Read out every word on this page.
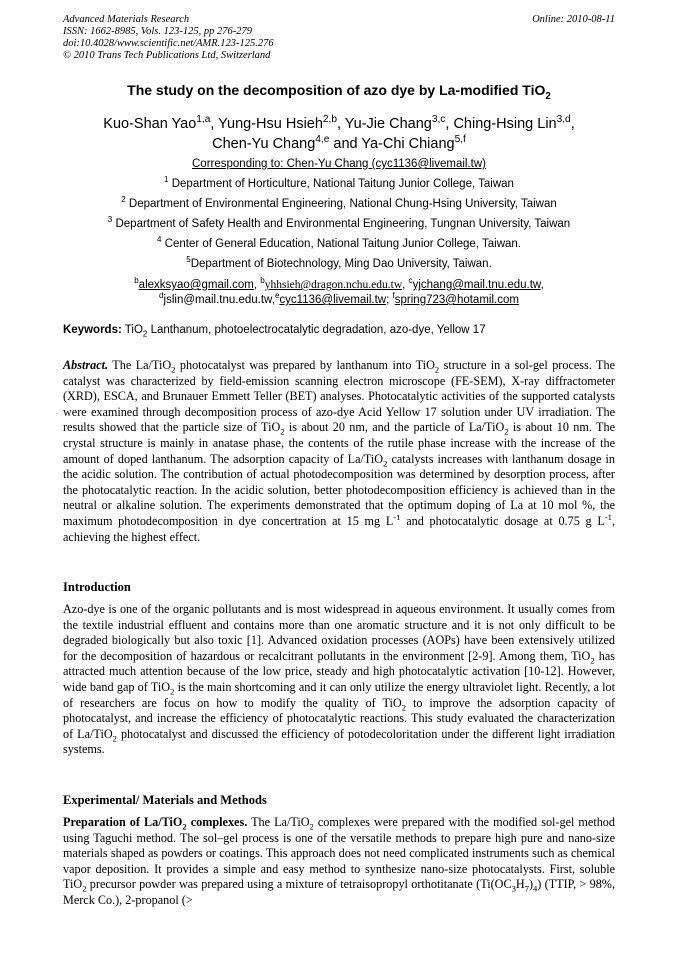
Advanced Materials Research
ISSN: 1662-8985, Vols. 123-125, pp 276-279
doi:10.4028/www.scientific.net/AMR.123-125.276
© 2010 Trans Tech Publications Ltd, Switzerland
Online: 2010-08-11
The study on the decomposition of azo dye by La-modified TiO$_2$
Kuo-Shan Yao$^{1,a}$, Yung-Hsu Hsieh$^{2,b}$, Yu-Jie Chang$^{3,c}$, Ching-Hsing Lin$^{3,d}$,
Chen-Yu Chang$^{4,e}$ and Ya-Chi Chiang$^{5,f}$
Corresponding to: Chen-Yu Chang (cyc1136@livemail.tw)
$^1$ Department of Horticulture, National Taitung Junior College, Taiwan
$^2$ Department of Environmental Engineering, National Chung-Hsing University, Taiwan
$^3$ Department of Safety Health and Environmental Engineering, Tungnan University, Taiwan
$^4$ Center of General Education, National Taitung Junior College, Taiwan.
$^5$Department of Biotechnology, Ming Dao University, Taiwan.
$^b$alexksyao@gmail.com, $^b$yhhsieh@dragon.nchu.edu.tw, $^c$yjchang@mail.tnu.edu.tw,
$^d$jslin@mail.tnu.edu.tw,$^e$cyc1136@livemail.tw; $^f$spring723@hotamil.com
Keywords: TiO$_2$ Lanthanum, photoelectrocatalytic degradation, azo-dye, Yellow 17
Abstract. The La/TiO$_2$ photocatalyst was prepared by lanthanum into TiO$_2$ structure in a sol-gel process. The catalyst was characterized by field-emission scanning electron microscope (FE-SEM), X-ray diffractometer (XRD), ESCA, and Brunauer Emmett Teller (BET) analyses. Photocatalytic activities of the supported catalysts were examined through decomposition process of azo-dye Acid Yellow 17 solution under UV irradiation. The results showed that the particle size of TiO$_2$ is about 20 nm, and the particle of La/TiO$_2$ is about 10 nm. The crystal structure is mainly in anatase phase, the contents of the rutile phase increase with the increase of the amount of doped lanthanum. The adsorption capacity of La/TiO$_2$ catalysts increases with lanthanum dosage in the acidic solution. The contribution of actual photodecomposition was determined by desorption process, after the photocatalytic reaction. In the acidic solution, better photodecomposition efficiency is achieved than in the neutral or alkaline solution. The experiments demonstrated that the optimum doping of La at 10 mol %, the maximum photodecomposition in dye concertration at 15 mg $L^{-1}$ and photocatalytic dosage at 0.75 g $L^{-1}$, achieving the highest effect.
Introduction
Azo-dye is one of the organic pollutants and is most widespread in aqueous environment. It usually comes from the textile industrial effluent and contains more than one aromatic structure and it is not only difficult to be degraded biologically but also toxic [1]. Advanced oxidation processes (AOPs) have been extensively utilized for the decomposition of hazardous or recalcitrant pollutants in the environment [2-9]. Among them, TiO$_2$ has attracted much attention because of the low price, steady and high photocatalytic activation [10-12]. However, wide band gap of TiO$_2$ is the main shortcoming and it can only utilize the energy ultraviolet light. Recently, a lot of researchers are focus on how to modify the quality of TiO$_2$ to improve the adsorption capacity of photocatalyst, and increase the efficiency of photocatalytic reactions. This study evaluated the characterization of La/TiO$_2$ photocatalyst and discussed the efficiency of potodecoloritation under the different light irradiation systems.
Experimental/ Materials and Methods
Preparation of La/TiO$_2$ complexes. The La/TiO$_2$ complexes were prepared with the modified sol-gel method using Taguchi method. The sol–gel process is one of the versatile methods to prepare high pure and nano-size materials shaped as powders or coatings. This approach does not need complicated instruments such as chemical vapor deposition. It provides a simple and easy method to synthesize nano-size photocatalysts. First, soluble TiO$_2$ precursor powder was prepared using a mixture of tetraisopropyl orthotitanate $(Ti(OC_3H_7)_4)$ (TTIP, > 98%, Merck Co.), 2-propanol (>
